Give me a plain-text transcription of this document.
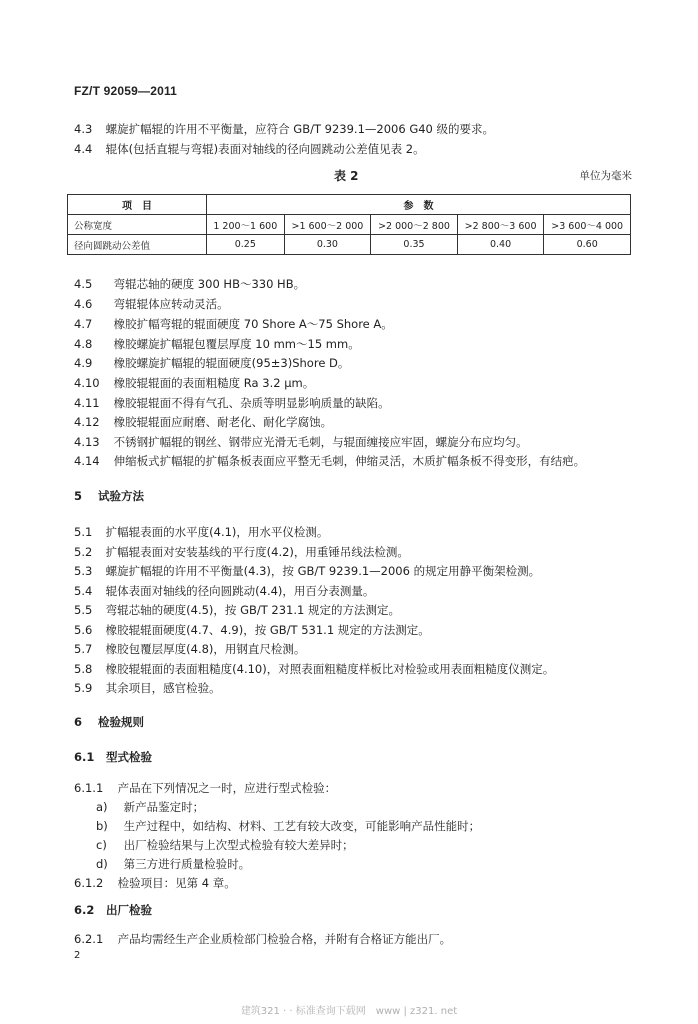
FZ/T 92059—2011
4.3 螺旋扩幅辊的许用不平衡量，应符合 GB/T 9239.1—2006 G40 级的要求。
4.4 辊体(包括直辊与弯辊)表面对轴线的径向圆跳动公差值见表 2。
表 2	单位为毫米
项　目	参　数				
公称宽度	1 200～1 600	>1 600～2 000	>2 000～2 800	>2 800～3 600	>3 600～4 000
径向圆跳动公差值	0.25	0.30	0.35	0.40	0.60
4.5 弯辊芯轴的硬度 300 HB～330 HB。
4.6 弯辊辊体应转动灵活。
4.7 橡胶扩幅弯辊的辊面硬度 70 Shore A～75 Shore A。
4.8 橡胶螺旋扩幅辊包覆层厚度 10 mm～15 mm。
4.9 橡胶螺旋扩幅辊的辊面硬度(95±3)Shore D。
4.10 橡胶辊辊面的表面粗糙度 Ra 3.2 μm。
4.11 橡胶辊辊面不得有气孔、杂质等明显影响质量的缺陷。
4.12 橡胶辊辊面应耐磨、耐老化、耐化学腐蚀。
4.13 不锈钢扩幅辊的钢丝、钢带应光滑无毛刺，与辊面缠接应牢固，螺旋分布应均匀。
4.14 伸缩板式扩幅辊的扩幅条板表面应平整无毛刺，伸缩灵活，木质扩幅条板不得变形，有结疤。
5 试验方法
5.1 扩幅辊表面的水平度(4.1)，用水平仪检测。
5.2 扩幅辊表面对安装基线的平行度(4.2)，用重锤吊线法检测。
5.3 螺旋扩幅辊的许用不平衡量(4.3)，按 GB/T 9239.1—2006 的规定用静平衡架检测。
5.4 辊体表面对轴线的径向圆跳动(4.4)，用百分表测量。
5.5 弯辊芯轴的硬度(4.5)，按 GB/T 231.1 规定的方法测定。
5.6 橡胶辊辊面硬度(4.7、4.9)，按 GB/T 531.1 规定的方法测定。
5.7 橡胶包覆层厚度(4.8)，用钢直尺检测。
5.8 橡胶辊辊面的表面粗糙度(4.10)，对照表面粗糙度样板比对检验或用表面粗糙度仪测定。
5.9 其余项目，感官检验。
6 检验规则
6.1 型式检验
6.1.1 产品在下列情况之一时，应进行型式检验：
a) 新产品鉴定时；
b) 生产过程中，如结构、材料、工艺有较大改变，可能影响产品性能时；
c) 出厂检验结果与上次型式检验有较大差异时；
d) 第三方进行质量检验时。
6.1.2 检验项目：见第 4 章。
6.2 出厂检验
6.2.1 产品均需经生产企业质检部门检验合格，并附有合格证方能出厂。
2
建筑321 · · 标准查询下载网　www | z321. net
